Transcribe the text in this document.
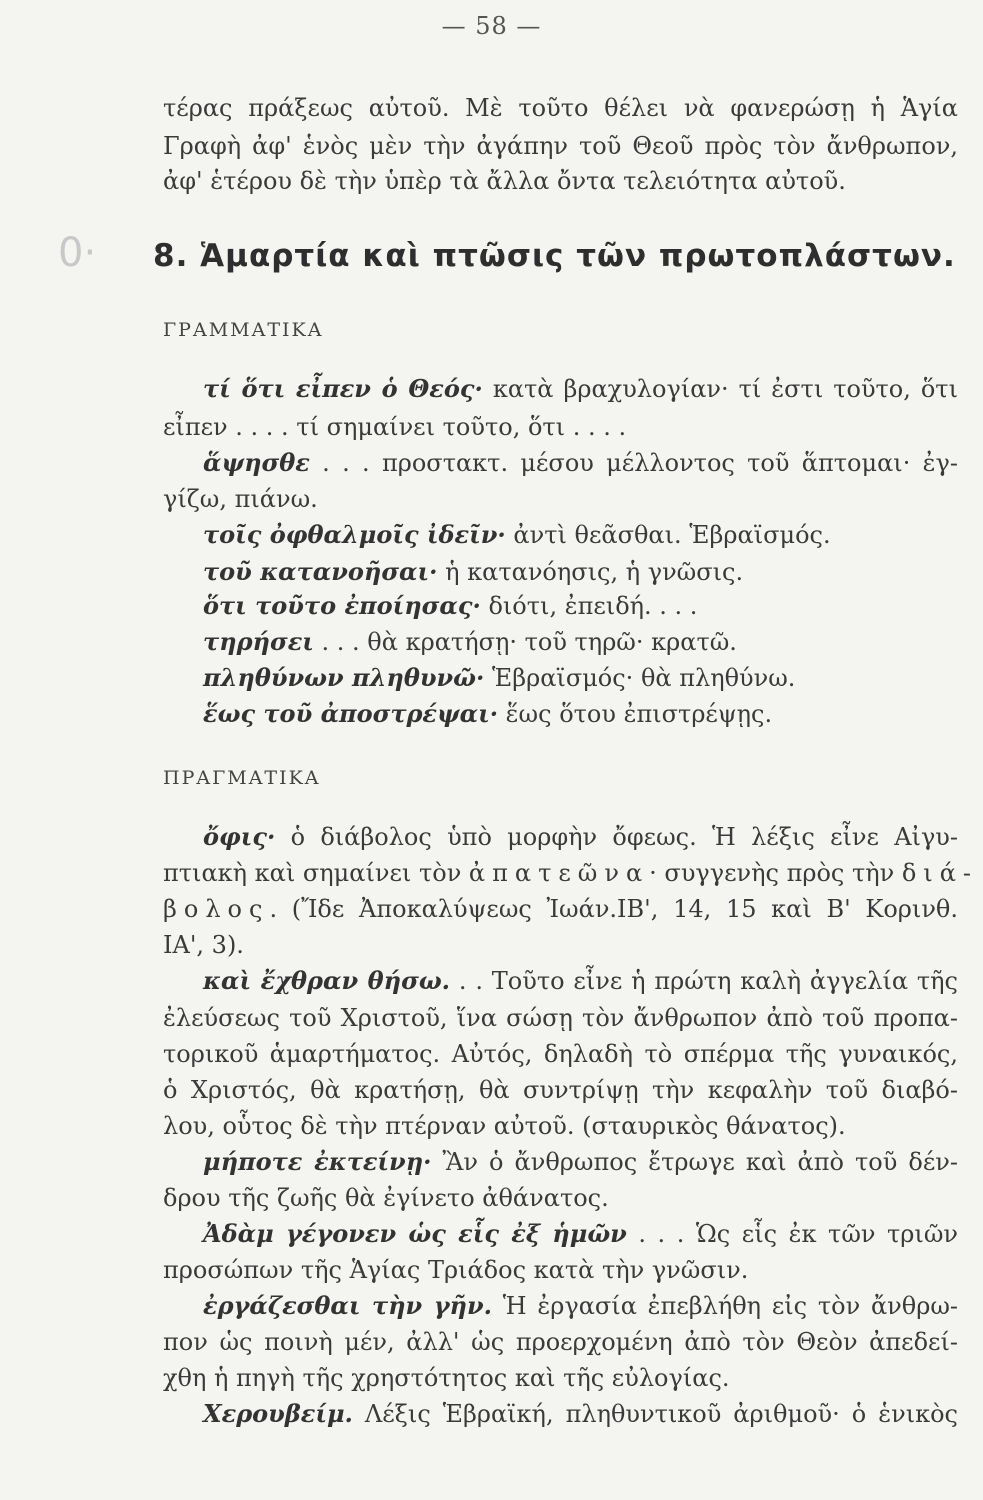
0·
— 58 —
τέρας πράξεως αὐτοῦ. Μὲ τοῦτο θέλει νὰ φανερώσῃ ἡ Ἁγία
Γραφὴ ἀφ' ἑνὸς μὲν τὴν ἀγάπην τοῦ Θεοῦ πρὸς τὸν ἄνθρωπον,
ἀφ' ἑτέρου δὲ τὴν ὑπὲρ τὰ ἄλλα ὄντα τελειότητα αὐτοῦ.
8. Ἁμαρτία καὶ πτῶσις τῶν πρωτοπλάστων.
ΓΡΑΜΜΑΤΙΚΑ
τί ὅτι εἶπεν ὁ Θεός· κατὰ βραχυλογίαν· τί ἐστι τοῦτο, ὅτι
εἶπεν . . . . τί σημαίνει τοῦτο, ὅτι . . . .
ἅψησθε . . . προστακτ. μέσου μέλλοντος τοῦ ἅπτομαι· ἐγ-
γίζω, πιάνω.
τοῖς ὀφθαλμοῖς ἰδεῖν· ἀντὶ θεᾶσθαι. Ἑβραϊσμός.
τοῦ κατανοῆσαι· ἡ κατανόησις, ἡ γνῶσις.
ὅτι τοῦτο ἐποίησας· διότι, ἐπειδή. . . .
τηρήσει . . . θὰ κρατήσῃ· τοῦ τηρῶ· κρατῶ.
πληθύνων πληθυνῶ· Ἑβραϊσμός· θὰ πληθύνω.
ἕως τοῦ ἀποστρέψαι· ἕως ὅτου ἐπιστρέψῃς.
ΠΡΑΓΜΑΤΙΚΑ
ὄφις· ὁ διάβολος ὑπὸ μορφὴν ὄφεως. Ἡ λέξις εἶνε Αἰγυ-
πτιακὴ καὶ σημαίνει τὸν ἀπατεῶνα· συγγενὴς πρὸς τὴν διά-
βολος. (Ἴδε Ἀποκαλύψεως Ἰωάν.ΙΒ', 14, 15 καὶ Β' Κορινθ.
ΙΑ', 3).
καὶ ἔχθραν θήσω. . . Τοῦτο εἶνε ἡ πρώτη καλὴ ἀγγελία τῆς
ἐλεύσεως τοῦ Χριστοῦ, ἵνα σώσῃ τὸν ἄνθρωπον ἀπὸ τοῦ προπα-
τορικοῦ ἁμαρτήματος. Αὐτός, δηλαδὴ τὸ σπέρμα τῆς γυναικός,
ὁ Χριστός, θὰ κρατήσῃ, θὰ συντρίψῃ τὴν κεφαλὴν τοῦ διαβό-
λου, οὗτος δὲ τὴν πτέρναν αὐτοῦ. (σταυρικὸς θάνατος).
μήποτε ἐκτείνῃ· Ἂν ὁ ἄνθρωπος ἔτρωγε καὶ ἀπὸ τοῦ δέν-
δρου τῆς ζωῆς θὰ ἐγίνετο ἀθάνατος.
Ἀδὰμ γέγονεν ὡς εἷς ἐξ ἡμῶν . . . Ὡς εἷς ἐκ τῶν τριῶν
προσώπων τῆς Ἁγίας Τριάδος κατὰ τὴν γνῶσιν.
ἐργάζεσθαι τὴν γῆν. Ἡ ἐργασία ἐπεβλήθη εἰς τὸν ἄνθρω-
πον ὡς ποινὴ μέν, ἀλλ' ὡς προερχομένη ἀπὸ τὸν Θεὸν ἀπεδεί-
χθη ἡ πηγὴ τῆς χρηστότητος καὶ τῆς εὐλογίας.
Χερουβείμ. Λέξις Ἑβραϊκή, πληθυντικοῦ ἀριθμοῦ· ὁ ἑνικὸς
